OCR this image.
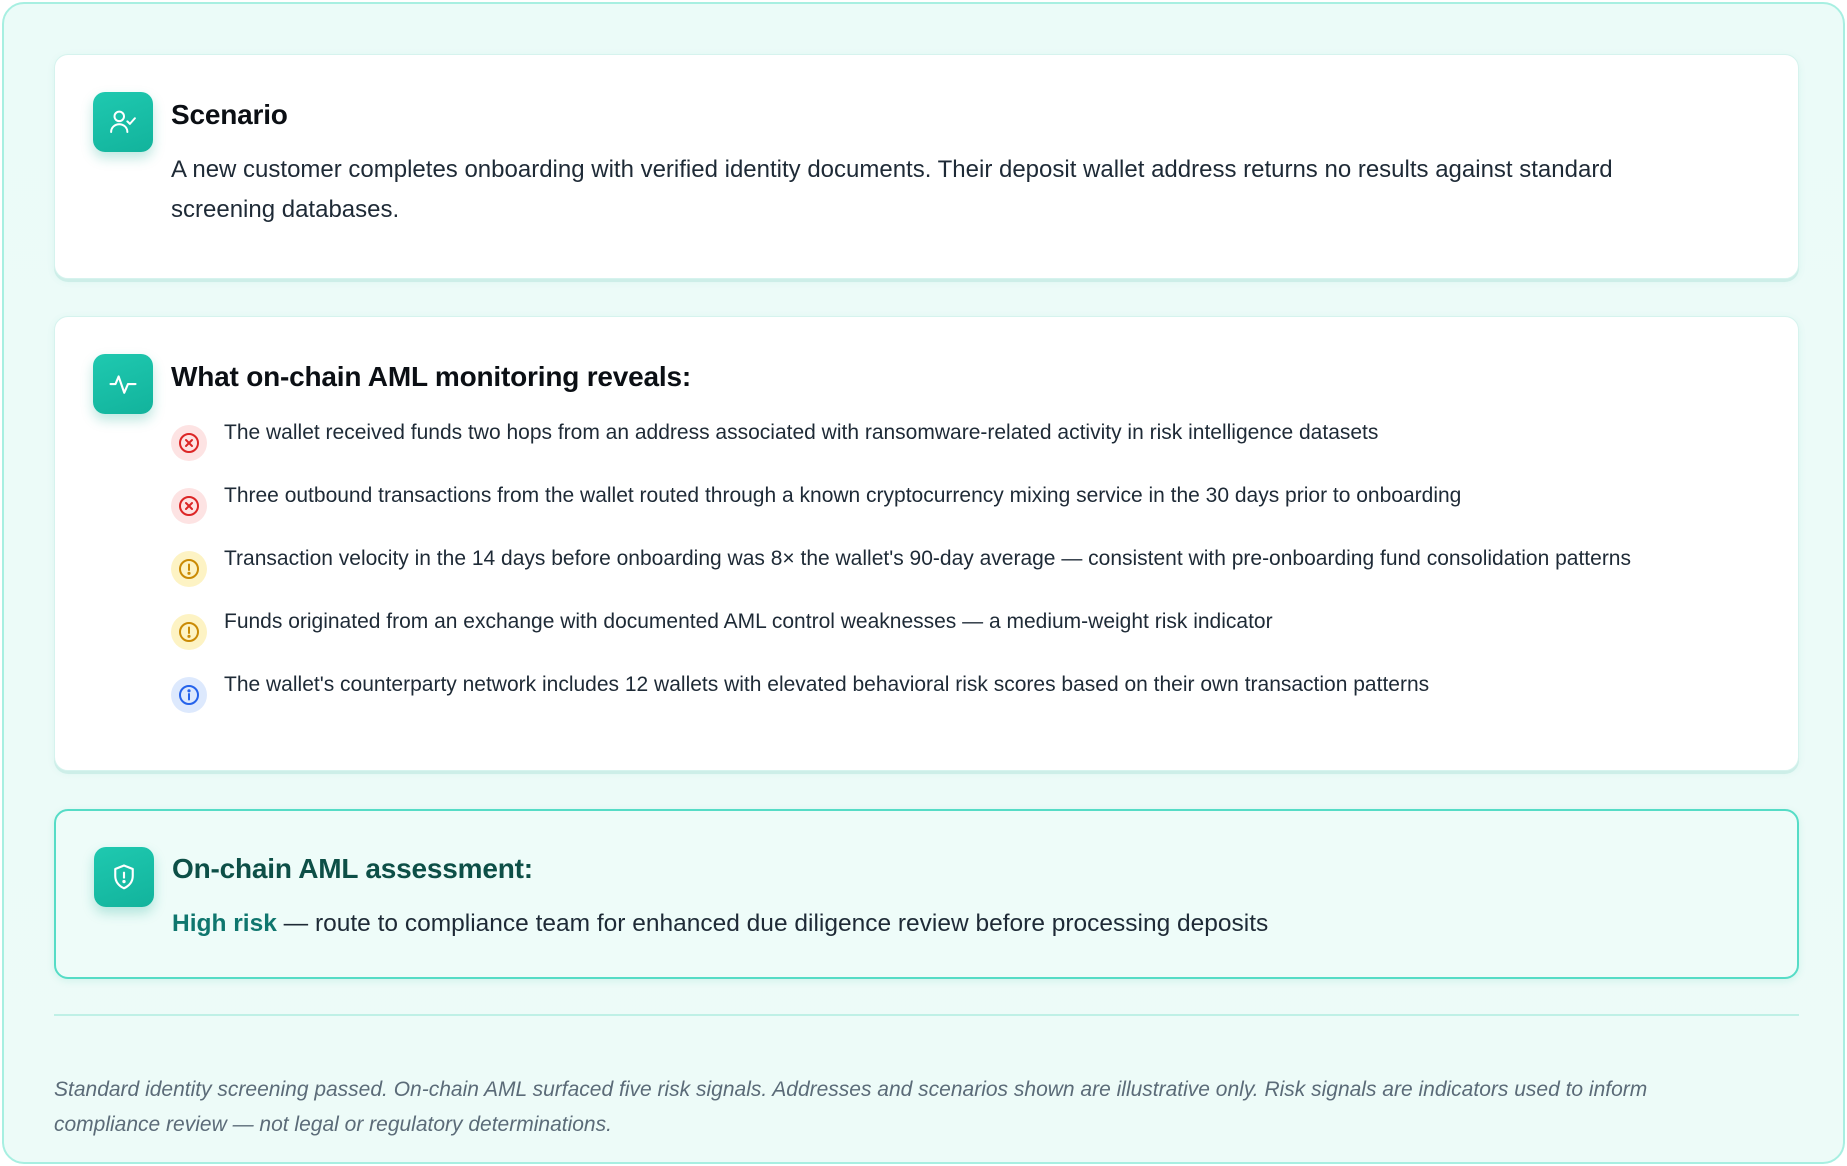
Scenario
A new customer completes onboarding with verified identity documents. Their deposit wallet address returns no results against standard screening databases.
What on-chain AML monitoring reveals:
The wallet received funds two hops from an address associated with ransomware-related activity in risk intelligence datasets
Three outbound transactions from the wallet routed through a known cryptocurrency mixing service in the 30 days prior to onboarding
Transaction velocity in the 14 days before onboarding was 8× the wallet's 90-day average — consistent with pre-onboarding fund consolidation patterns
Funds originated from an exchange with documented AML control weaknesses — a medium-weight risk indicator
The wallet's counterparty network includes 12 wallets with elevated behavioral risk scores based on their own transaction patterns
On-chain AML assessment:
High risk — route to compliance team for enhanced due diligence review before processing deposits

Standard identity screening passed. On-chain AML surfaced five risk signals. Addresses and scenarios shown are illustrative only. Risk signals are indicators used to inform compliance review — not legal or regulatory determinations.
